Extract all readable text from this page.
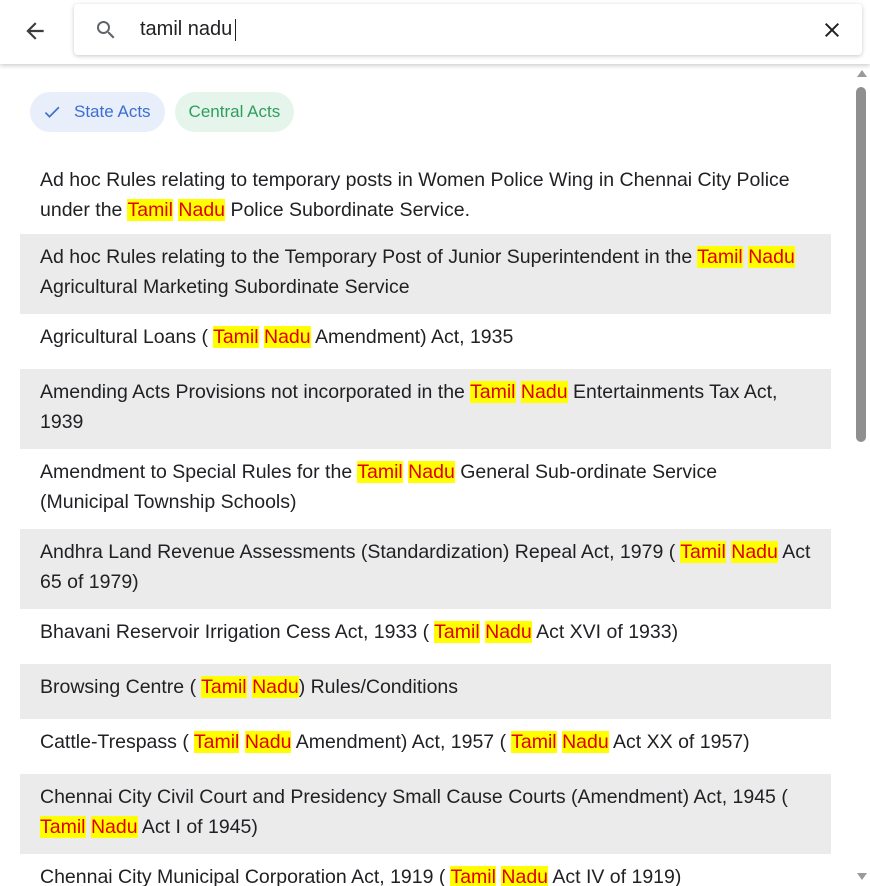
tamil nadu
State Acts Central Acts
Ad hoc Rules relating to temporary posts in Women Police Wing in Chennai City Police under the Tamil Nadu Police Subordinate Service.
Ad hoc Rules relating to the Temporary Post of Junior Superintendent in the Tamil Nadu Agricultural Marketing Subordinate Service
Agricultural Loans ( Tamil Nadu Amendment) Act, 1935
Amending Acts Provisions not incorporated in the Tamil Nadu Entertainments Tax Act, 1939
Amendment to Special Rules for the Tamil Nadu General Sub-ordinate Service (Municipal Township Schools)
Andhra Land Revenue Assessments (Standardization) Repeal Act, 1979 ( Tamil Nadu Act 65 of 1979)
Bhavani Reservoir Irrigation Cess Act, 1933 ( Tamil Nadu Act XVI of 1933)
Browsing Centre ( Tamil Nadu) Rules/Conditions
Cattle-Trespass ( Tamil Nadu Amendment) Act, 1957 ( Tamil Nadu Act XX of 1957)
Chennai City Civil Court and Presidency Small Cause Courts (Amendment) Act, 1945 ( Tamil Nadu Act I of 1945)
Chennai City Municipal Corporation Act, 1919 ( Tamil Nadu Act IV of 1919)
